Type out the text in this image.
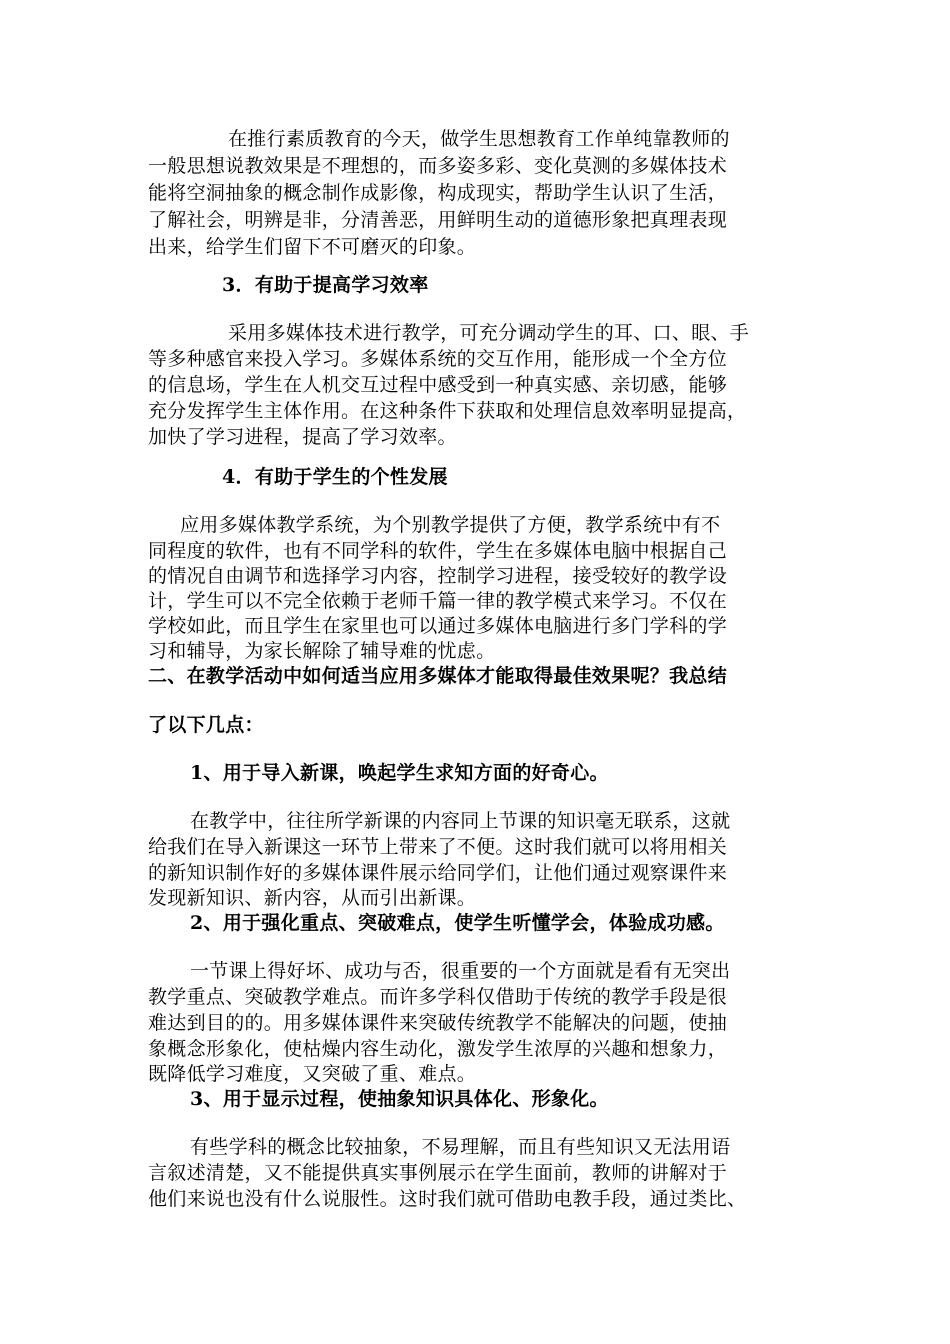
在推行素质教育的今天，做学生思想教育工作单纯靠教师的
一般思想说教效果是不理想的，而多姿多彩、变化莫测的多媒体技术
能将空洞抽象的概念制作成影像，构成现实，帮助学生认识了生活，
了解社会，明辨是非，分清善恶，用鲜明生动的道德形象把真理表现
出来，给学生们留下不可磨灭的印象。
3．有助于提高学习效率
采用多媒体技术进行教学，可充分调动学生的耳、口、眼、手
等多种感官来投入学习。多媒体系统的交互作用，能形成一个全方位
的信息场，学生在人机交互过程中感受到一种真实感、亲切感，能够
充分发挥学生主体作用。在这种条件下获取和处理信息效率明显提高，
加快了学习进程，提高了学习效率。
4．有助于学生的个性发展
应用多媒体教学系统，为个别教学提供了方便，教学系统中有不
同程度的软件，也有不同学科的软件，学生在多媒体电脑中根据自己
的情况自由调节和选择学习内容，控制学习进程，接受较好的教学设
计，学生可以不完全依赖于老师千篇一律的教学模式来学习。不仅在
学校如此，而且学生在家里也可以通过多媒体电脑进行多门学科的学
习和辅导，为家长解除了辅导难的忧虑。
二、在教学活动中如何适当应用多媒体才能取得最佳效果呢？我总结
了以下几点：
1、用于导入新课，唤起学生求知方面的好奇心。
在教学中，往往所学新课的内容同上节课的知识毫无联系，这就
给我们在导入新课这一环节上带来了不便。这时我们就可以将用相关
的新知识制作好的多媒体课件展示给同学们，让他们通过观察课件来
发现新知识、新内容，从而引出新课。
2、用于强化重点、突破难点，使学生听懂学会，体验成功感。
一节课上得好坏、成功与否，很重要的一个方面就是看有无突出
教学重点、突破教学难点。而许多学科仅借助于传统的教学手段是很
难达到目的的。用多媒体课件来突破传统教学不能解决的问题，使抽
象概念形象化，使枯燥内容生动化，激发学生浓厚的兴趣和想象力，
既降低学习难度，又突破了重、难点。
3、用于显示过程，使抽象知识具体化、形象化。
有些学科的概念比较抽象，不易理解，而且有些知识又无法用语
言叙述清楚，又不能提供真实事例展示在学生面前，教师的讲解对于
他们来说也没有什么说服性。这时我们就可借助电教手段，通过类比、
